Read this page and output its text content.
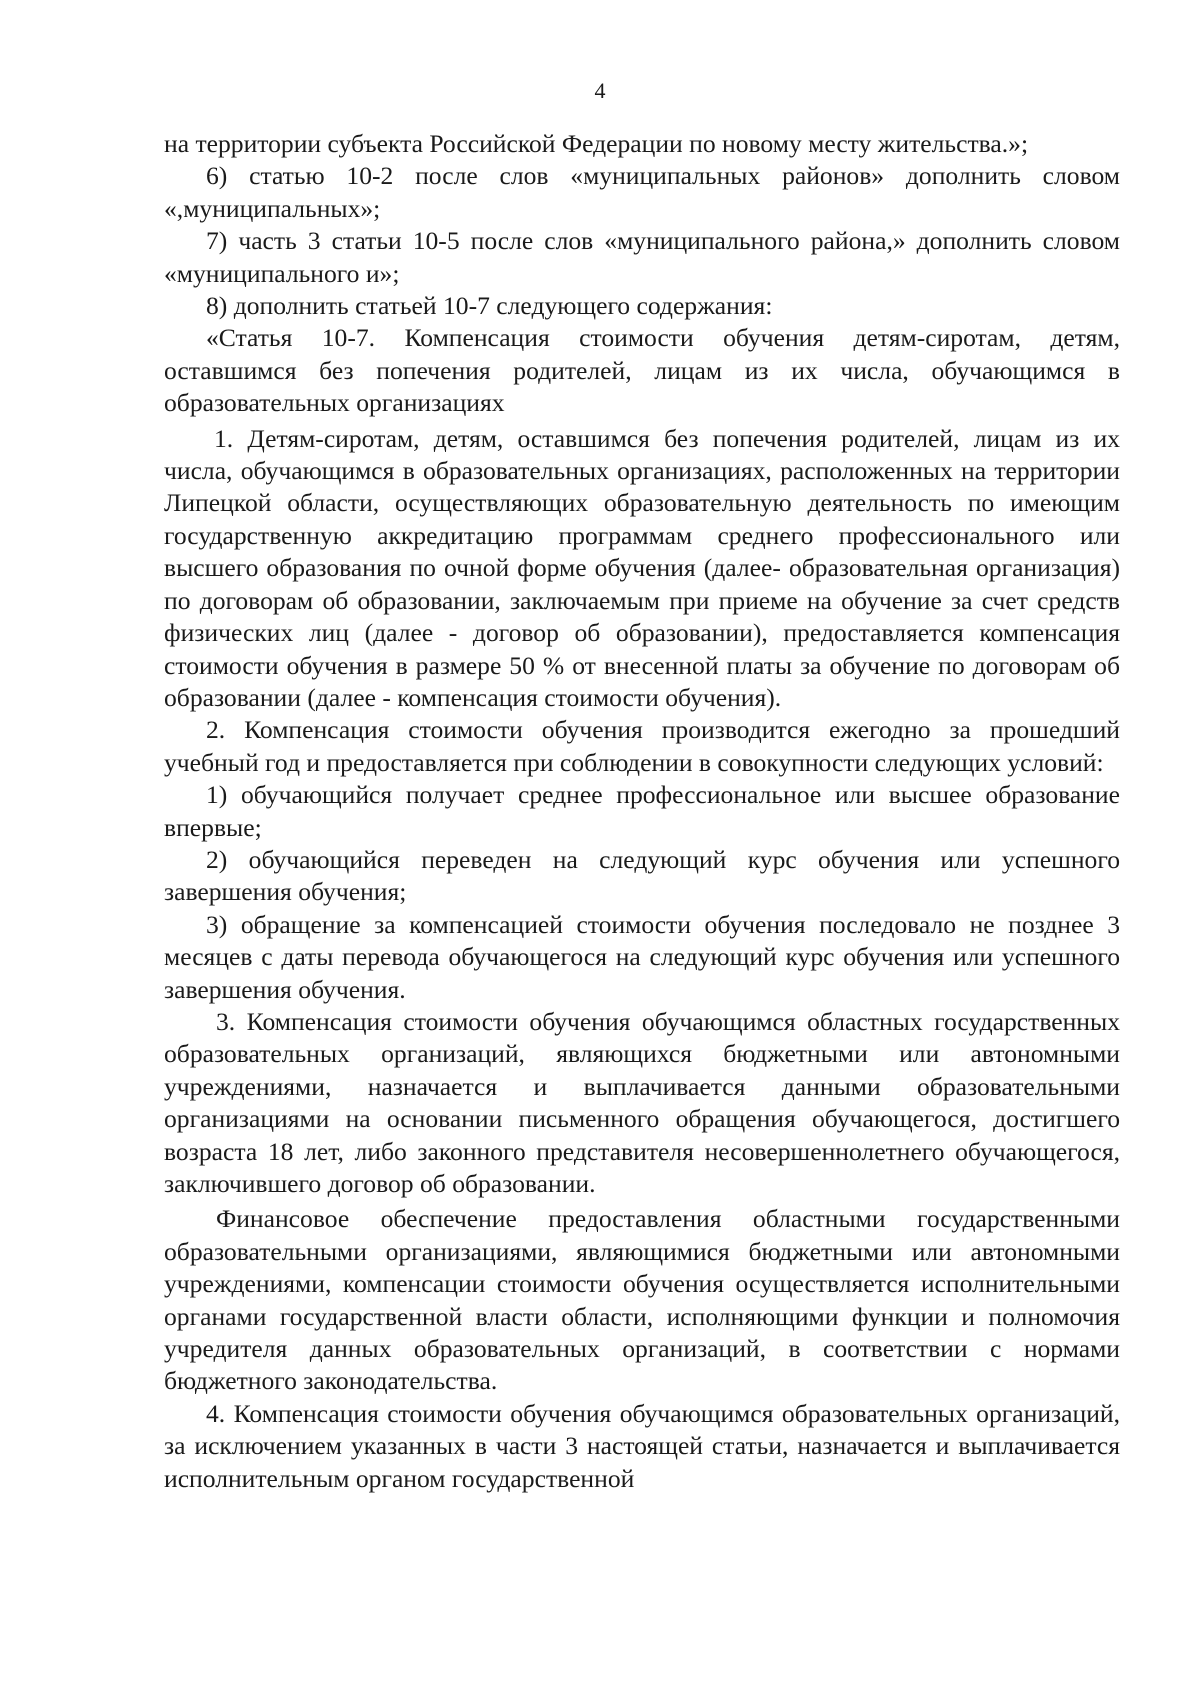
4

на территории субъекта Российской Федерации по новому месту жительства.»;

6) статью 10-2 после слов «муниципальных районов» дополнить словом «,муниципальных»;

7) часть 3 статьи 10-5 после слов «муниципального района,» дополнить словом «муниципального и»;

8) дополнить статьей 10-7 следующего содержания:

«Статья 10-7. Компенсация стоимости обучения детям-сиротам, детям, оставшимся без попечения родителей, лицам из их числа, обучающимся в образовательных организациях

1. Детям-сиротам, детям, оставшимся без попечения родителей, лицам из их числа, обучающимся в образовательных организациях, расположенных на территории Липецкой области, осуществляющих образовательную деятельность по имеющим государственную аккредитацию программам среднего профессионального или высшего образования по очной форме обучения (далее- образовательная организация) по договорам об образовании, заключаемым при приеме на обучение за счет средств физических лиц (далее - договор об образовании), предоставляется компенсация стоимости обучения в размере 50 % от внесенной платы за обучение по договорам об образовании (далее - компенсация стоимости обучения).

2. Компенсация стоимости обучения производится ежегодно за прошедший учебный год и предоставляется при соблюдении в совокупности следующих условий:

1) обучающийся получает среднее профессиональное или высшее образование впервые;

2) обучающийся переведен на следующий курс обучения или успешного завершения обучения;

3) обращение за компенсацией стоимости обучения последовало не позднее 3 месяцев с даты перевода обучающегося на следующий курс обучения или успешного завершения обучения.

3. Компенсация стоимости обучения обучающимся областных государственных образовательных организаций, являющихся бюджетными или автономными учреждениями, назначается и выплачивается данными образовательными организациями на основании письменного обращения обучающегося, достигшего возраста 18 лет, либо законного представителя несовершеннолетнего обучающегося, заключившего договор об образовании.

Финансовое обеспечение предоставления областными государственными образовательными организациями, являющимися бюджетными или автономными учреждениями, компенсации стоимости обучения осуществляется исполнительными органами государственной власти области, исполняющими функции и полномочия учредителя данных образовательных организаций, в соответствии с нормами бюджетного законодательства.

4. Компенсация стоимости обучения обучающимся образовательных организаций, за исключением указанных в части 3 настоящей статьи, назначается и выплачивается исполнительным органом государственной
